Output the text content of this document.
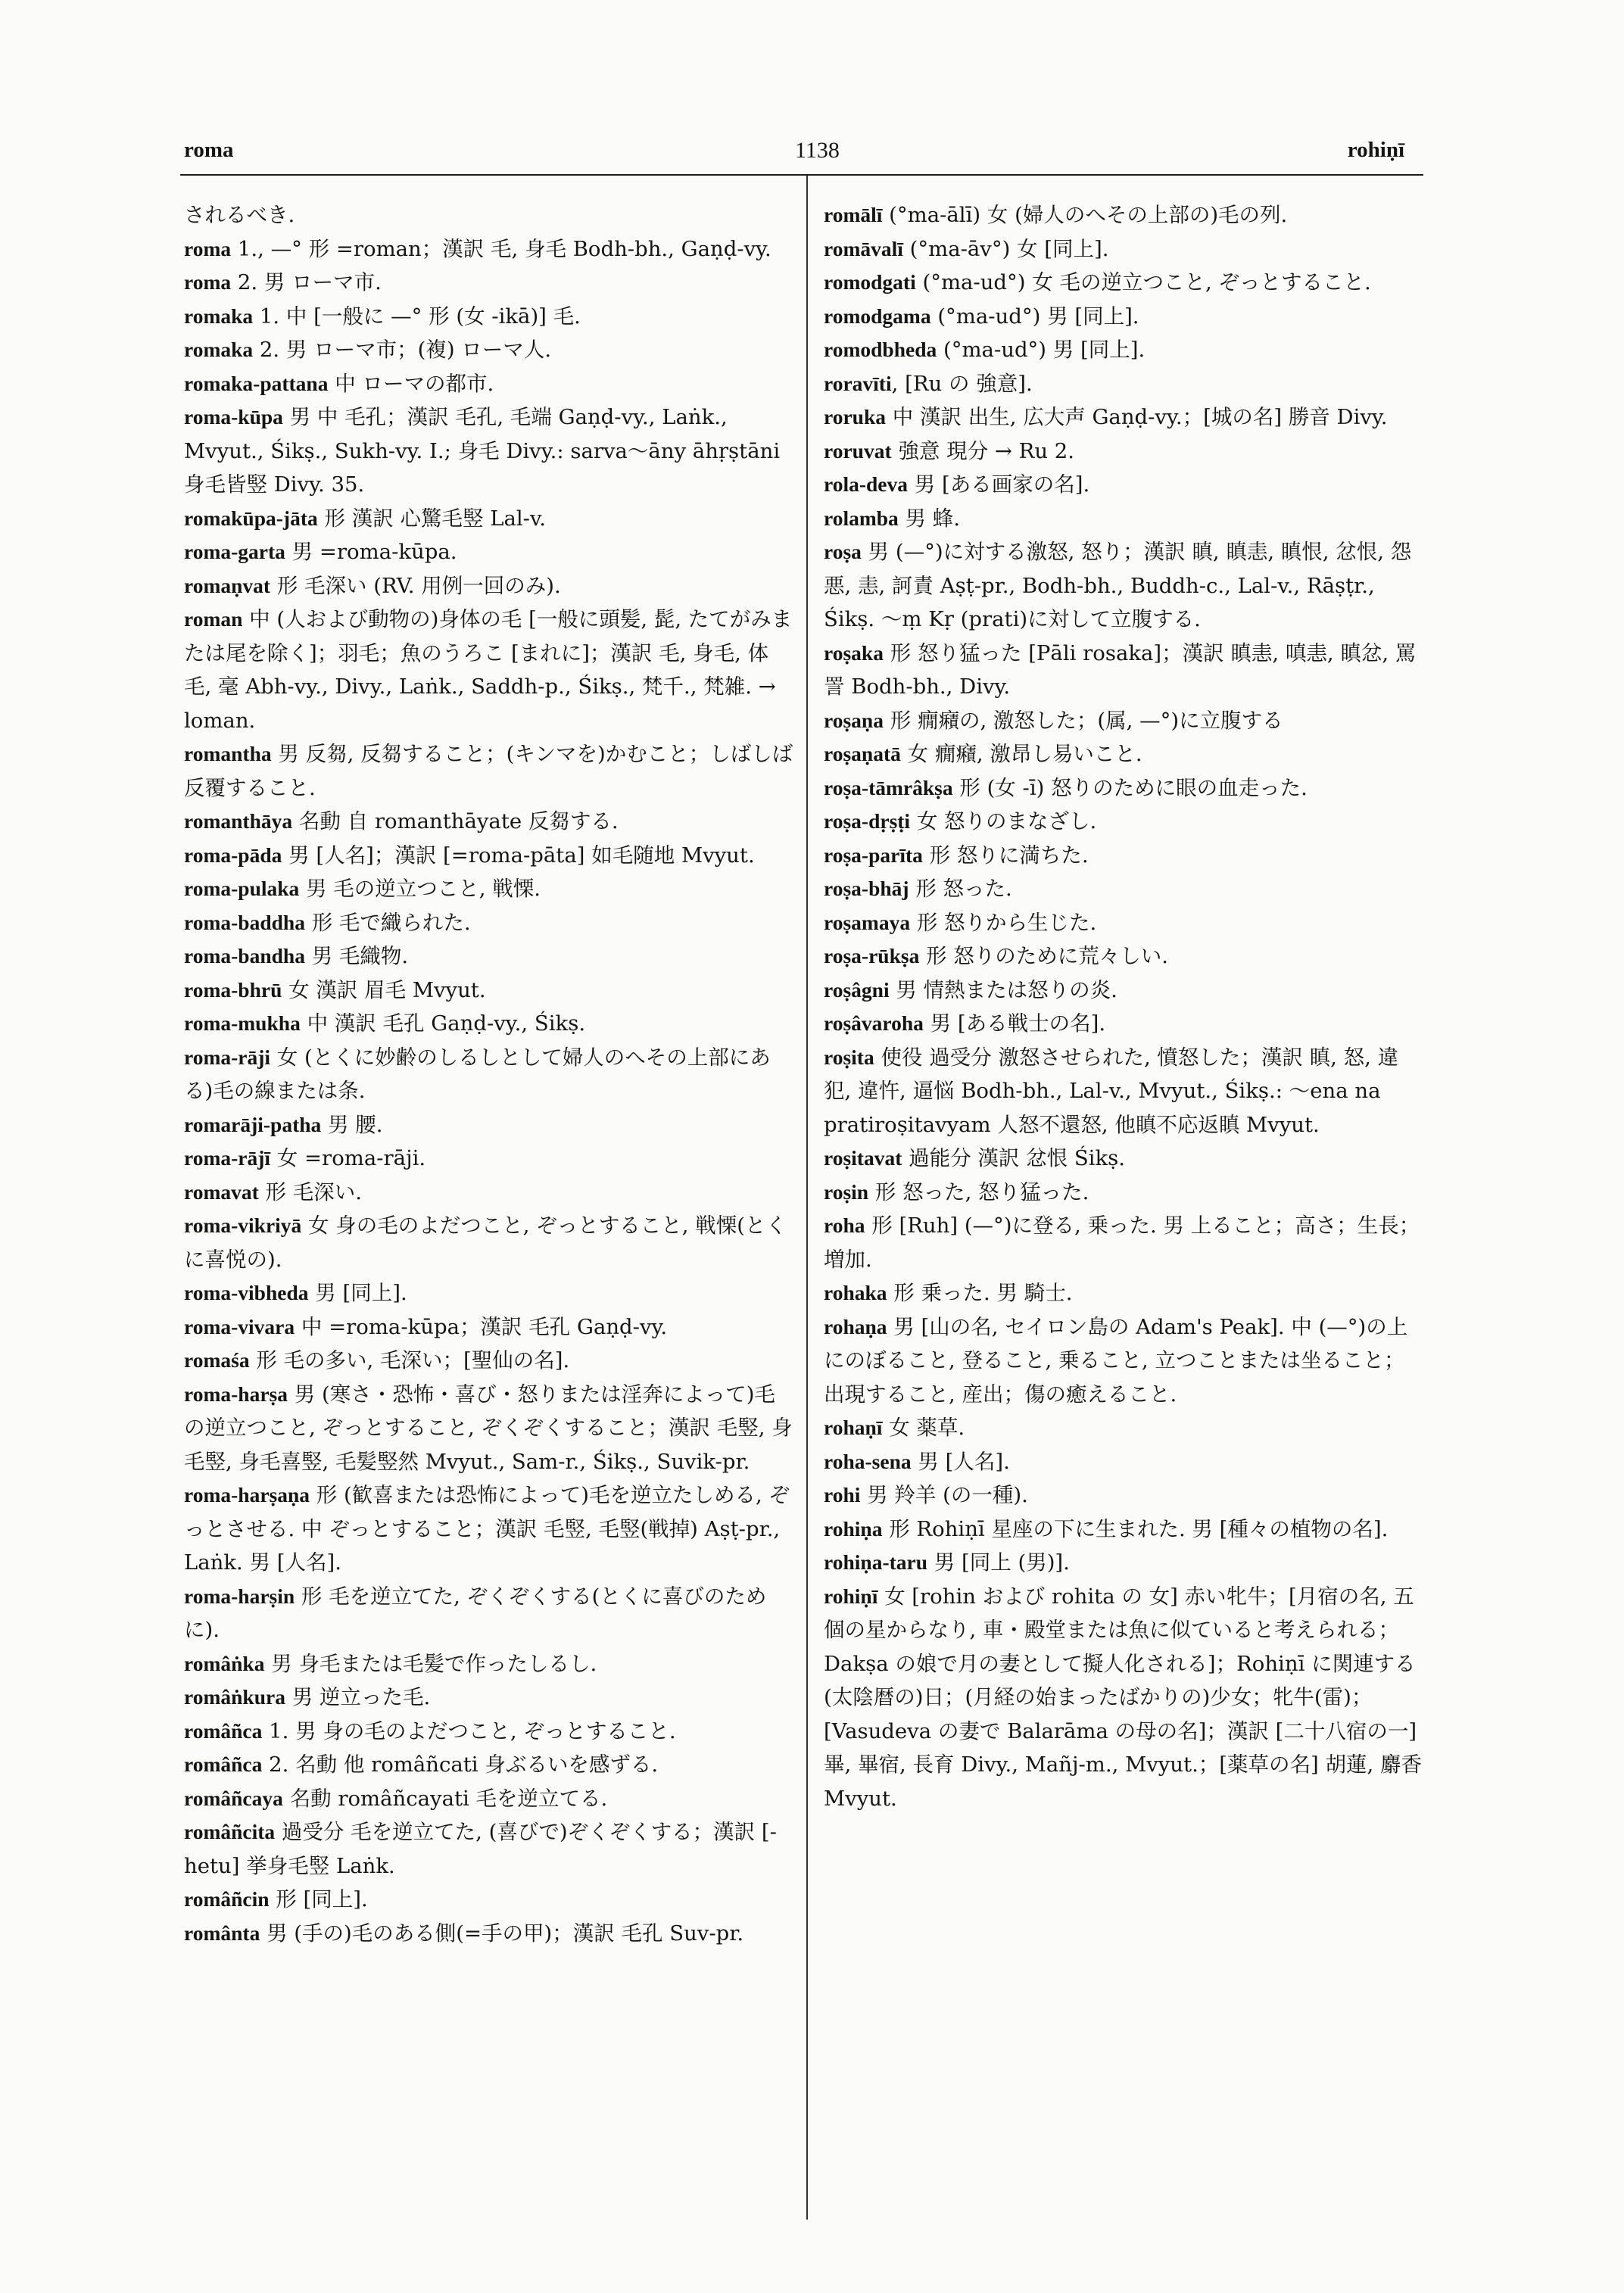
roma	1138	rohiṇī

されるべき.

roma 1., —° 形 =roman；漢訳 毛, 身毛 Bodh-bh., Gaṇḍ-vy.

roma 2. 男 ローマ市.

romaka 1. 中 [一般に —° 形 (女 -ikā)] 毛.

romaka 2. 男 ローマ市；(複) ローマ人.

romaka-pattana 中 ローマの都市.

roma-kūpa 男 中 毛孔；漢訳 毛孔, 毛端 Gaṇḍ-vy., Laṅk., Mvyut., Śikṣ., Sukh-vy. I.; 身毛 Divy.: sarva～āny āhṛṣtāni 身毛皆竪 Divy. 35.

romakūpa-jāta 形 漢訳 心驚毛竪 Lal-v.

roma-garta 男 =roma-kūpa.

romaṇvat 形 毛深い (RV. 用例一回のみ).

roman 中 (人および動物の)身体の毛 [一般に頭髪, 髭, たてがみまたは尾を除く]；羽毛；魚のうろこ [まれに]；漢訳 毛, 身毛, 体毛, 毫 Abh-vy., Divy., Laṅk., Saddh-p., Śikṣ., 梵千., 梵雑. → loman.

romantha 男 反芻, 反芻すること；(キンマを)かむこと；しばしば反覆すること.

romanthāya 名動 自 romanthāyate 反芻する.

roma-pāda 男 [人名]；漢訳 [=roma-pāta] 如毛随地 Mvyut.

roma-pulaka 男 毛の逆立つこと, 戦慄.

roma-baddha 形 毛で織られた.

roma-bandha 男 毛織物.

roma-bhrū 女 漢訳 眉毛 Mvyut.

roma-mukha 中 漢訳 毛孔 Gaṇḍ-vy., Śikṣ.

roma-rāji 女 (とくに妙齢のしるしとして婦人のへその上部にある)毛の線または条.

romarāji-patha 男 腰.

roma-rājī 女 =roma-rāji.

romavat 形 毛深い.

roma-vikriyā 女 身の毛のよだつこと, ぞっとすること, 戦慄(とくに喜悦の).

roma-vibheda 男 [同上].

roma-vivara 中 =roma-kūpa；漢訳 毛孔 Gaṇḍ-vy.

romaśa 形 毛の多い, 毛深い；[聖仙の名].

roma-harṣa 男 (寒さ・恐怖・喜び・怒りまたは淫奔によって)毛の逆立つこと, ぞっとすること, ぞくぞくすること；漢訳 毛竪, 身毛竪, 身毛喜竪, 毛髪竪然 Mvyut., Sam-r., Śikṣ., Suvik-pr.

roma-harṣaṇa 形 (歓喜または恐怖によって)毛を逆立たしめる, ぞっとさせる. 中 ぞっとすること；漢訳 毛竪, 毛竪(戦掉) Aṣṭ-pr., Laṅk. 男 [人名].

roma-harṣin 形 毛を逆立てた, ぞくぞくする(とくに喜びのために).

româṅka 男 身毛または毛髪で作ったしるし.

româṅkura 男 逆立った毛.

româñca 1. 男 身の毛のよだつこと, ぞっとすること.

româñca 2. 名動 他 româñcati 身ぶるいを感ずる.

româñcaya 名動 româñcayati 毛を逆立てる.

româñcita 過受分 毛を逆立てた, (喜びで)ぞくぞくする；漢訳 [-hetu] 挙身毛竪 Laṅk.

româñcin 形 [同上].

românta 男 (手の)毛のある側(=手の甲)；漢訳 毛孔 Suv-pr.

romālī (°ma-ālī) 女 (婦人のへその上部の)毛の列.

romāvalī (°ma-āv°) 女 [同上].

romodgati (°ma-ud°) 女 毛の逆立つこと, ぞっとすること.

romodgama (°ma-ud°) 男 [同上].

romodbheda (°ma-ud°) 男 [同上].

roravīti, [Ru の 強意].

roruka 中 漢訳 出生, 広大声 Gaṇḍ-vy.；[城の名] 勝音 Divy.

roruvat 強意 現分 → Ru 2.

rola-deva 男 [ある画家の名].

rolamba 男 蜂.

roṣa 男 (—°)に対する激怒, 怒り；漢訳 瞋, 瞋恚, 瞋恨, 忿恨, 怨悪, 恚, 訶責 Aṣṭ-pr., Bodh-bh., Buddh-c., Lal-v., Rāṣṭr., Śikṣ. ～ṃ Kṛ (prati)に対して立腹する.

roṣaka 形 怒り猛った [Pāli rosaka]；漢訳 瞋恚, 嗔恚, 瞋忿, 罵詈 Bodh-bh., Divy.

roṣaṇa 形 癇癪の, 激怒した；(属, —°)に立腹する

roṣaṇatā 女 癇癪, 激昂し易いこと.

roṣa-tāmrâkṣa 形 (女 -ī) 怒りのために眼の血走った.

roṣa-dṛṣṭi 女 怒りのまなざし.

roṣa-parīta 形 怒りに満ちた.

roṣa-bhāj 形 怒った.

roṣamaya 形 怒りから生じた.

roṣa-rūkṣa 形 怒りのために荒々しい.

roṣâgni 男 情熱または怒りの炎.

roṣâvaroha 男 [ある戦士の名].

roṣita 使役 過受分 激怒させられた, 憤怒した；漢訳 瞋, 怒, 違犯, 違忤, 逼悩 Bodh-bh., Lal-v., Mvyut., Śikṣ.: ～ena na pratiroṣitavyam 人怒不還怒, 他瞋不応返瞋 Mvyut.

roṣitavat 過能分 漢訳 忿恨 Śikṣ.

roṣin 形 怒った, 怒り猛った.

roha 形 [Ruh] (—°)に登る, 乗った. 男 上ること；高さ；生長；増加.

rohaka 形 乗った. 男 騎士.

rohaṇa 男 [山の名, セイロン島の Adam's Peak]. 中 (—°)の上にのぼること, 登ること, 乗ること, 立つことまたは坐ること；出現すること, 産出；傷の癒えること.

rohaṇī 女 薬草.

roha-sena 男 [人名].

rohi 男 羚羊 (の一種).

rohiṇa 形 Rohiṇī 星座の下に生まれた. 男 [種々の植物の名].

rohiṇa-taru 男 [同上 (男)].

rohiṇī 女 [rohin および rohita の 女] 赤い牝牛；[月宿の名, 五個の星からなり, 車・殿堂または魚に似ていると考えられる；Dakṣa の娘で月の妻として擬人化される]；Rohiṇī に関連する(太陰暦の)日；(月経の始まったばかりの)少女；牝牛(雷)；[Vasudeva の妻で Balarāma の母の名]；漢訳 [二十八宿の一] 畢, 畢宿, 長育 Divy., Mañj-m., Mvyut.；[薬草の名] 胡蓮, 麝香 Mvyut.
